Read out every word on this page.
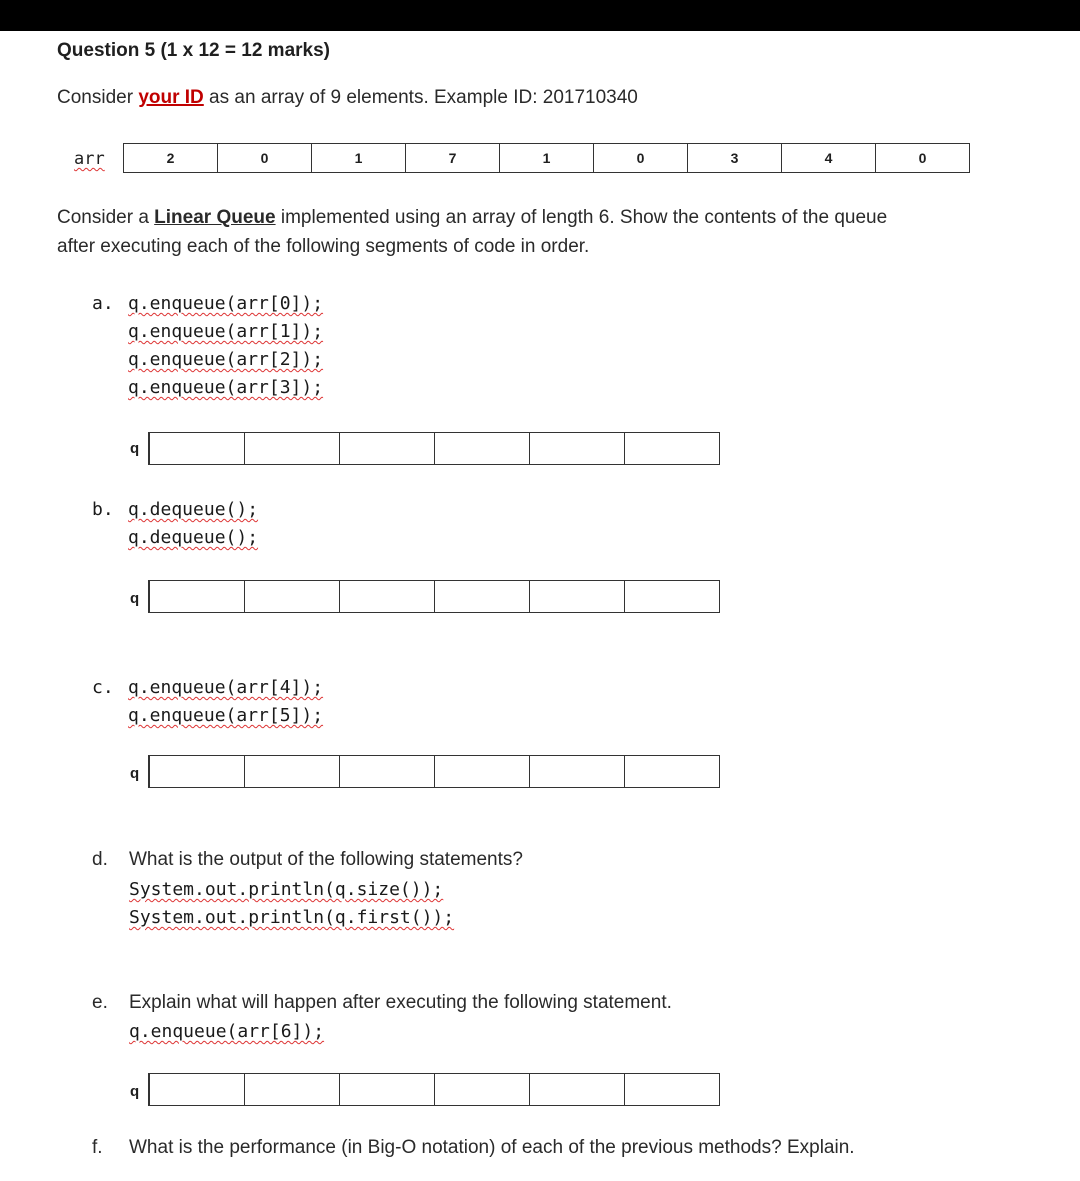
Question 5 (1 x 12 = 12 marks)
Consider your ID as an array of 9 elements. Example ID: 201710340
arr	2	0	1	7	1	0	3	4	0
Consider a Linear Queue implemented using an array of length 6. Show the contents of the queue
after executing each of the following segments of code in order.
a. q.enqueue(arr[0]);
q.enqueue(arr[1]);
q.enqueue(arr[2]);
q.enqueue(arr[3]);
q
b. q.dequeue();
q.dequeue();
q
c. q.enqueue(arr[4]);
q.enqueue(arr[5]);
q
d. What is the output of the following statements?
System.out.println(q.size());
System.out.println(q.first());
e. Explain what will happen after executing the following statement.
q.enqueue(arr[6]);
q
f. What is the performance (in Big-O notation) of each of the previous methods? Explain.
